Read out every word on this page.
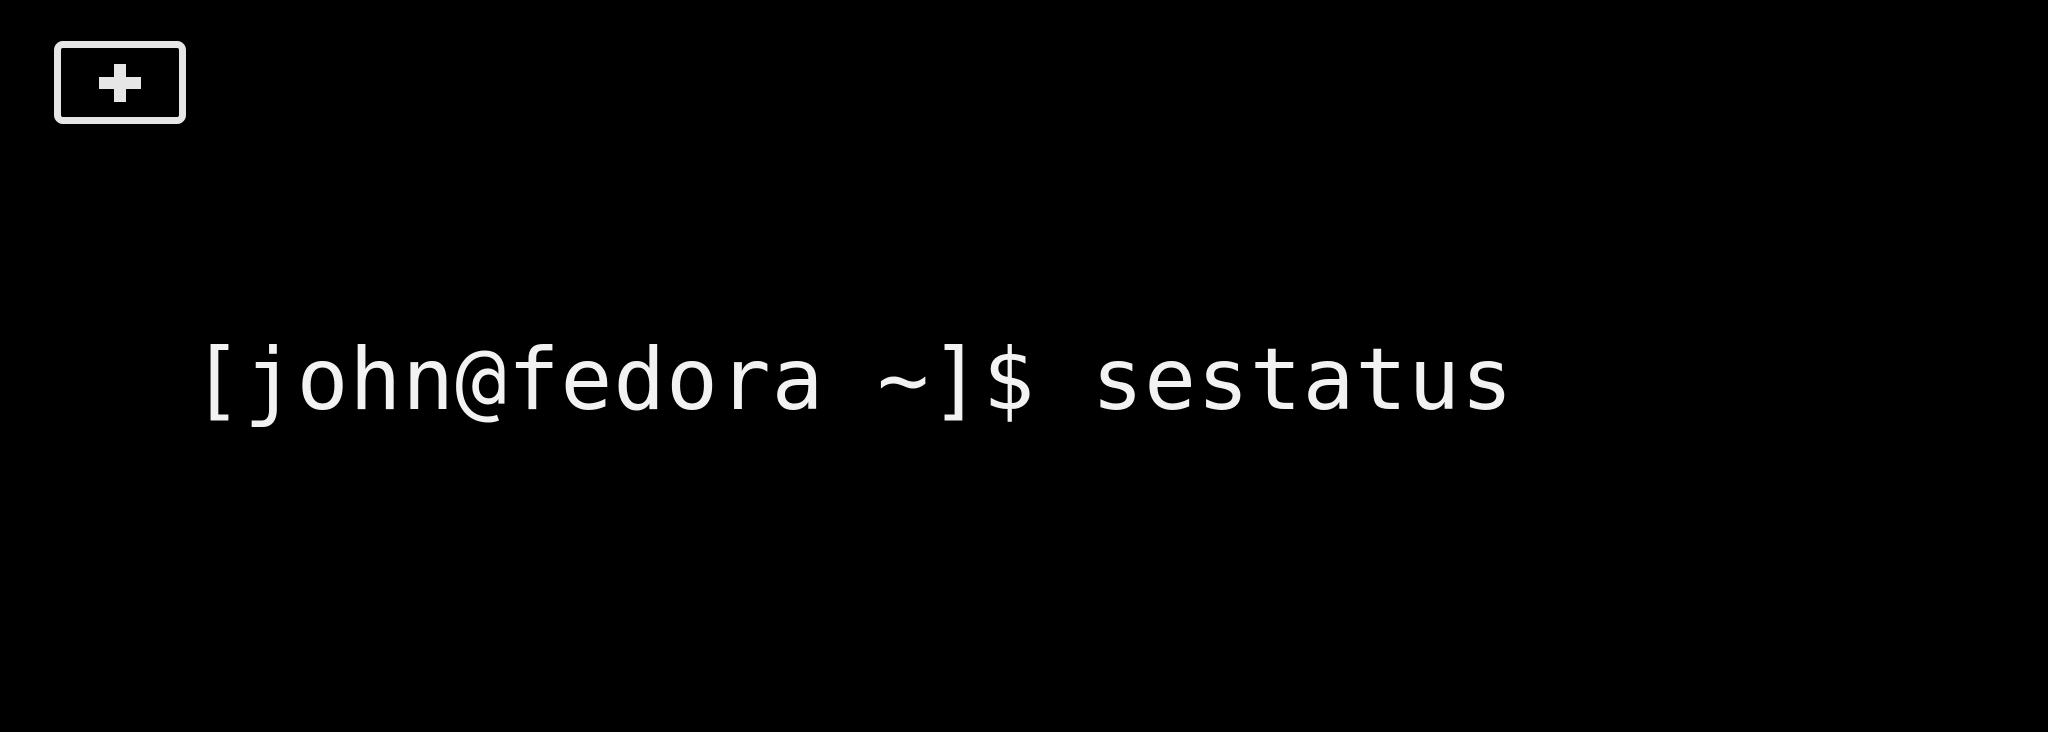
[john@fedora ~]$ sestatus
